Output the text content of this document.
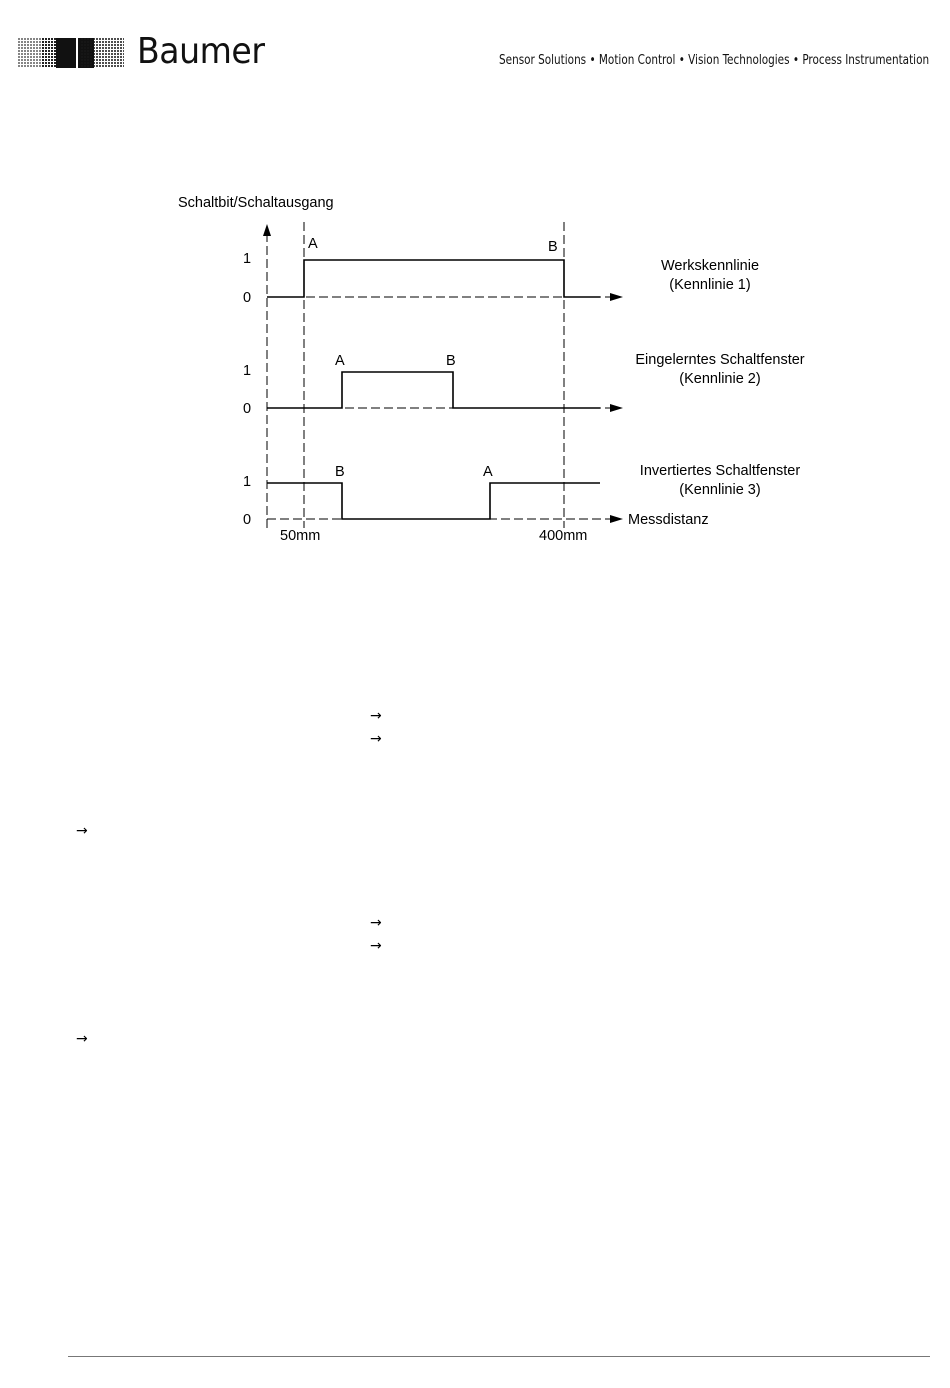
Baumer	Sensor Solutions • Motion Control • Vision Technologies • Process Instrumentation
Schaltbit/Schaltausgang
1
0
A	B
Werkskennlinie
(Kennlinie 1)
1
0
A	B	Eingelerntes Schaltfenster
(Kennlinie 2)
1
0
B	A	Invertiertes Schaltfenster
(Kennlinie 3)
Messdistanz
50mm	400mm
→
→
→
→
→
→
